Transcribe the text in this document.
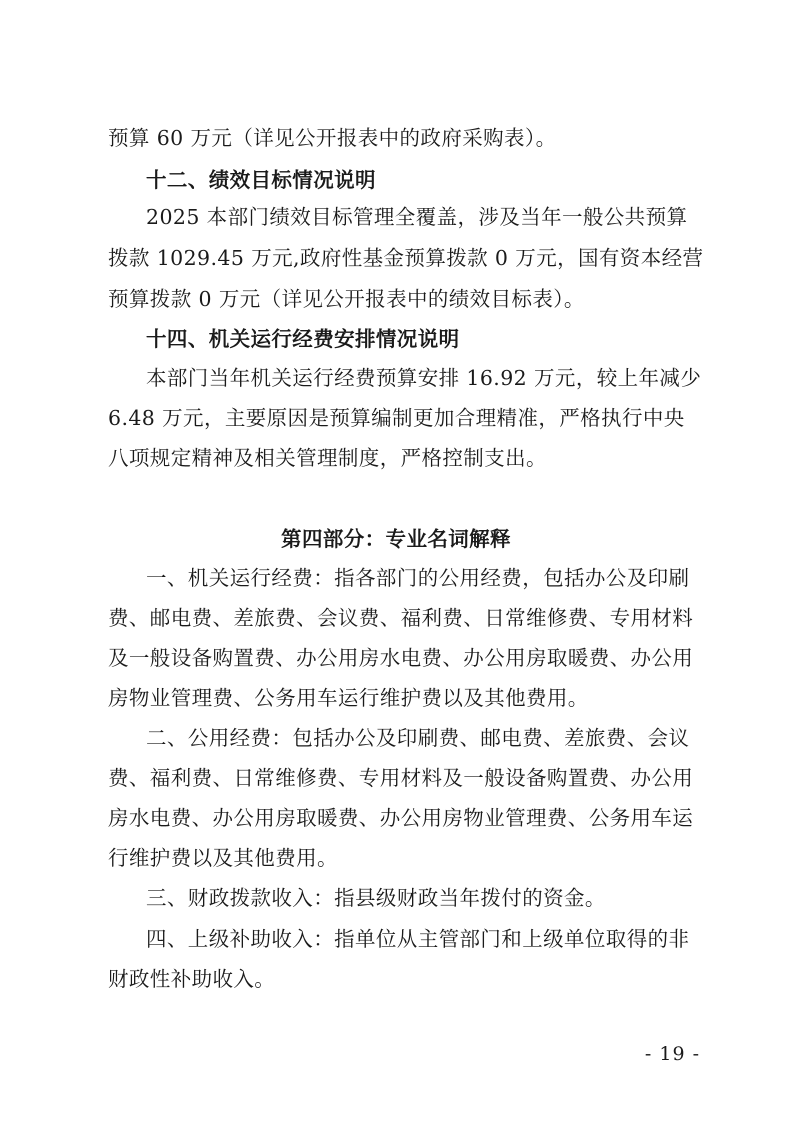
预算 60 万元（详见公开报表中的政府采购表）。
十二、绩效目标情况说明
2025 本部门绩效目标管理全覆盖，涉及当年一般公共预算
拨款 1029.45 万元,政府性基金预算拨款 0 万元，国有资本经营
预算拨款 0 万元（详见公开报表中的绩效目标表）。
十四、机关运行经费安排情况说明
本部门当年机关运行经费预算安排 16.92 万元，较上年减少
6.48 万元，主要原因是预算编制更加合理精准，严格执行中央
八项规定精神及相关管理制度，严格控制支出。
第四部分：专业名词解释
一、机关运行经费：指各部门的公用经费，包括办公及印刷
费、邮电费、差旅费、会议费、福利费、日常维修费、专用材料
及一般设备购置费、办公用房水电费、办公用房取暖费、办公用
房物业管理费、公务用车运行维护费以及其他费用。
二、公用经费：包括办公及印刷费、邮电费、差旅费、会议
费、福利费、日常维修费、专用材料及一般设备购置费、办公用
房水电费、办公用房取暖费、办公用房物业管理费、公务用车运
行维护费以及其他费用。
三、财政拨款收入：指县级财政当年拨付的资金。
四、上级补助收入：指单位从主管部门和上级单位取得的非
财政性补助收入。
- 19 -
